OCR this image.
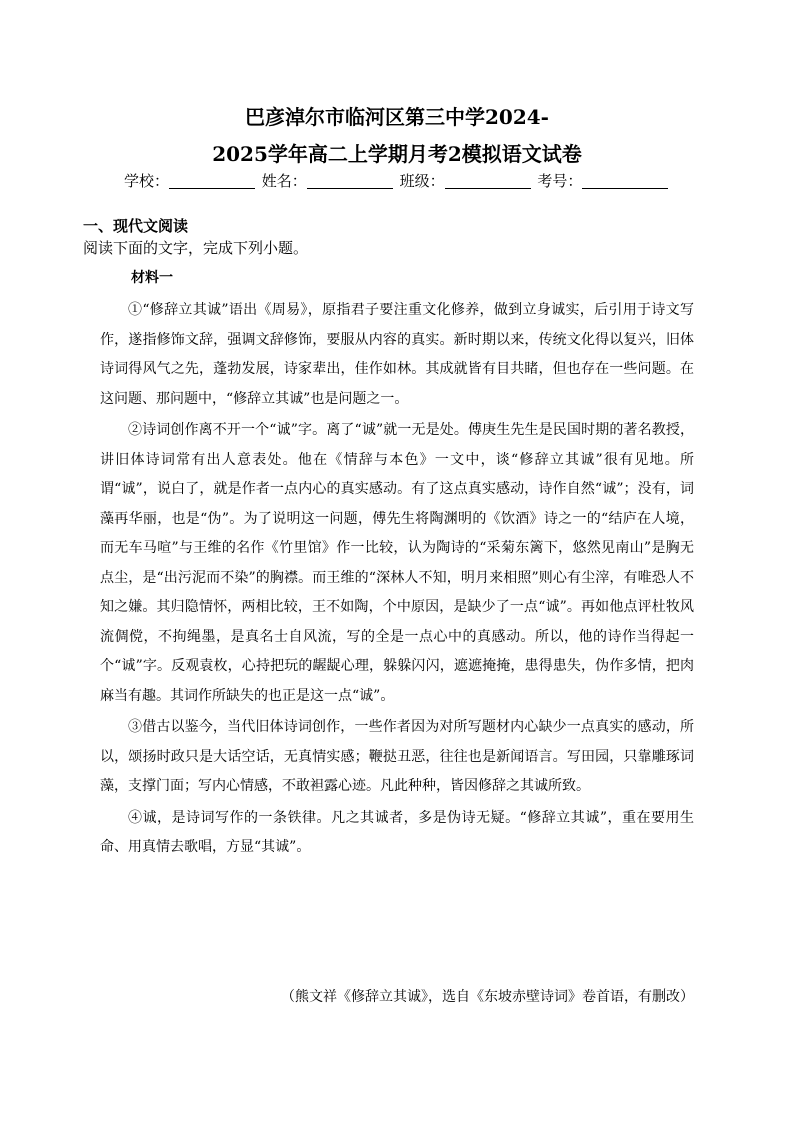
巴彦淖尔市临河区第三中学2024-
2025学年高二上学期月考2模拟语文试卷
学校：	姓名：	班级：	考号：
一、现代文阅读
阅读下面的文字，完成下列小题。
材料一

①“修辞立其诚”语出《周易》，原指君子要注重文化修养，做到立身诚实，后引用于诗文写作，遂指修饰文辞，强调文辞修饰，要服从内容的真实。新时期以来，传统文化得以复兴，旧体诗词得风气之先，蓬勃发展，诗家辈出，佳作如林。其成就皆有目共睹，但也存在一些问题。在这问题、那问题中，“修辞立其诚”也是问题之一。

②诗词创作离不开一个“诚”字。离了“诚”就一无是处。傅庚生先生是民国时期的著名教授，讲旧体诗词常有出人意表处。他在《情辞与本色》一文中，谈“修辞立其诚”很有见地。所谓“诚”，说白了，就是作者一点内心的真实感动。有了这点真实感动，诗作自然“诚”；没有，词藻再华丽，也是“伪”。为了说明这一问题，傅先生将陶渊明的《饮酒》诗之一的“结庐在人境，而无车马喧”与王维的名作《竹里馆》作一比较，认为陶诗的“采菊东篱下，悠然见南山”是胸无点尘，是“出污泥而不染”的胸襟。而王维的“深林人不知，明月来相照”则心有尘滓，有唯恐人不知之嫌。其归隐情怀，两相比较，王不如陶，个中原因，是缺少了一点“诚”。再如他点评杜牧风流倜傥，不拘绳墨，是真名士自风流，写的全是一点心中的真感动。所以，他的诗作当得起一个“诚”字。反观袁枚，心持把玩的龌龊心理，躲躲闪闪，遮遮掩掩，患得患失，伪作多情，把肉麻当有趣。其词作所缺失的也正是这一点“诚”。

③借古以鉴今，当代旧体诗词创作，一些作者因为对所写题材内心缺少一点真实的感动，所以，颂扬时政只是大话空话，无真情实感；鞭挞丑恶，往往也是新闻语言。写田园，只靠雕琢词藻，支撑门面；写内心情感，不敢袒露心迹。凡此种种，皆因修辞之其诚所致。

④诚，是诗词写作的一条铁律。凡之其诚者，多是伪诗无疑。“修辞立其诚”，重在要用生命、用真情去歌唱，方显“其诚”。

（熊文祥《修辞立其诚》，选自《东坡赤壁诗词》卷首语，有删改）
